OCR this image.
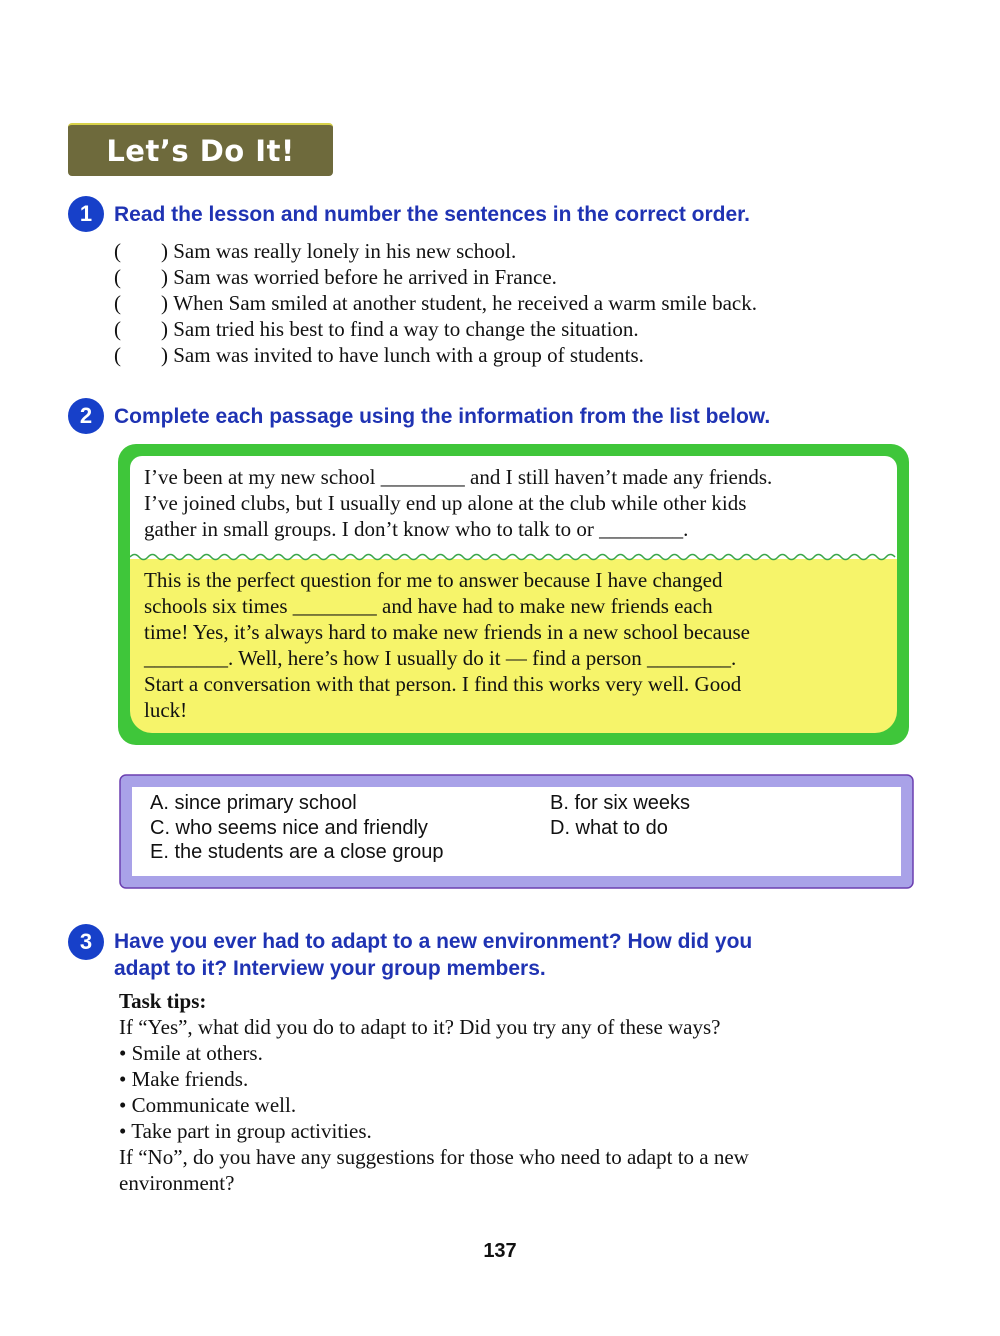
Let’s Do It!
1	Read the lesson and number the sentences in the correct order.
(	)
Sam was really lonely in his new school.
(	)
Sam was worried before he arrived in France.
(	)
When Sam smiled at another student, he received a warm smile back.
(	)
Sam tried his best to find a way to change the situation.
(	)
Sam was invited to have lunch with a group of students.
2	Complete each passage using the information from the list below.
I’ve been at my new school ________ and I still haven’t made any friends.
I’ve joined clubs, but I usually end up alone at the club while other kids
gather in small groups. I don’t know who to talk to or ________.
This is the perfect question for me to answer because I have changed
schools six times ________ and have had to make new friends each
time! Yes, it’s always hard to make new friends in a new school because
________. Well, here’s how I usually do it — find a person ________.
Start a conversation with that person. I find this works very well. Good
luck!
A. since primary school	B. for six weeks
C. who seems nice and friendly	D. what to do
E. the students are a close group
3	Have you ever had to adapt to a new environment? How did you
adapt to it? Interview your group members.
Task tips:
If “Yes”, what did you do to adapt to it? Did you try any of these ways?
• Smile at others.
• Make friends.
• Communicate well.
• Take part in group activities.
If “No”, do you have any suggestions for those who need to adapt to a new
environment?
137
